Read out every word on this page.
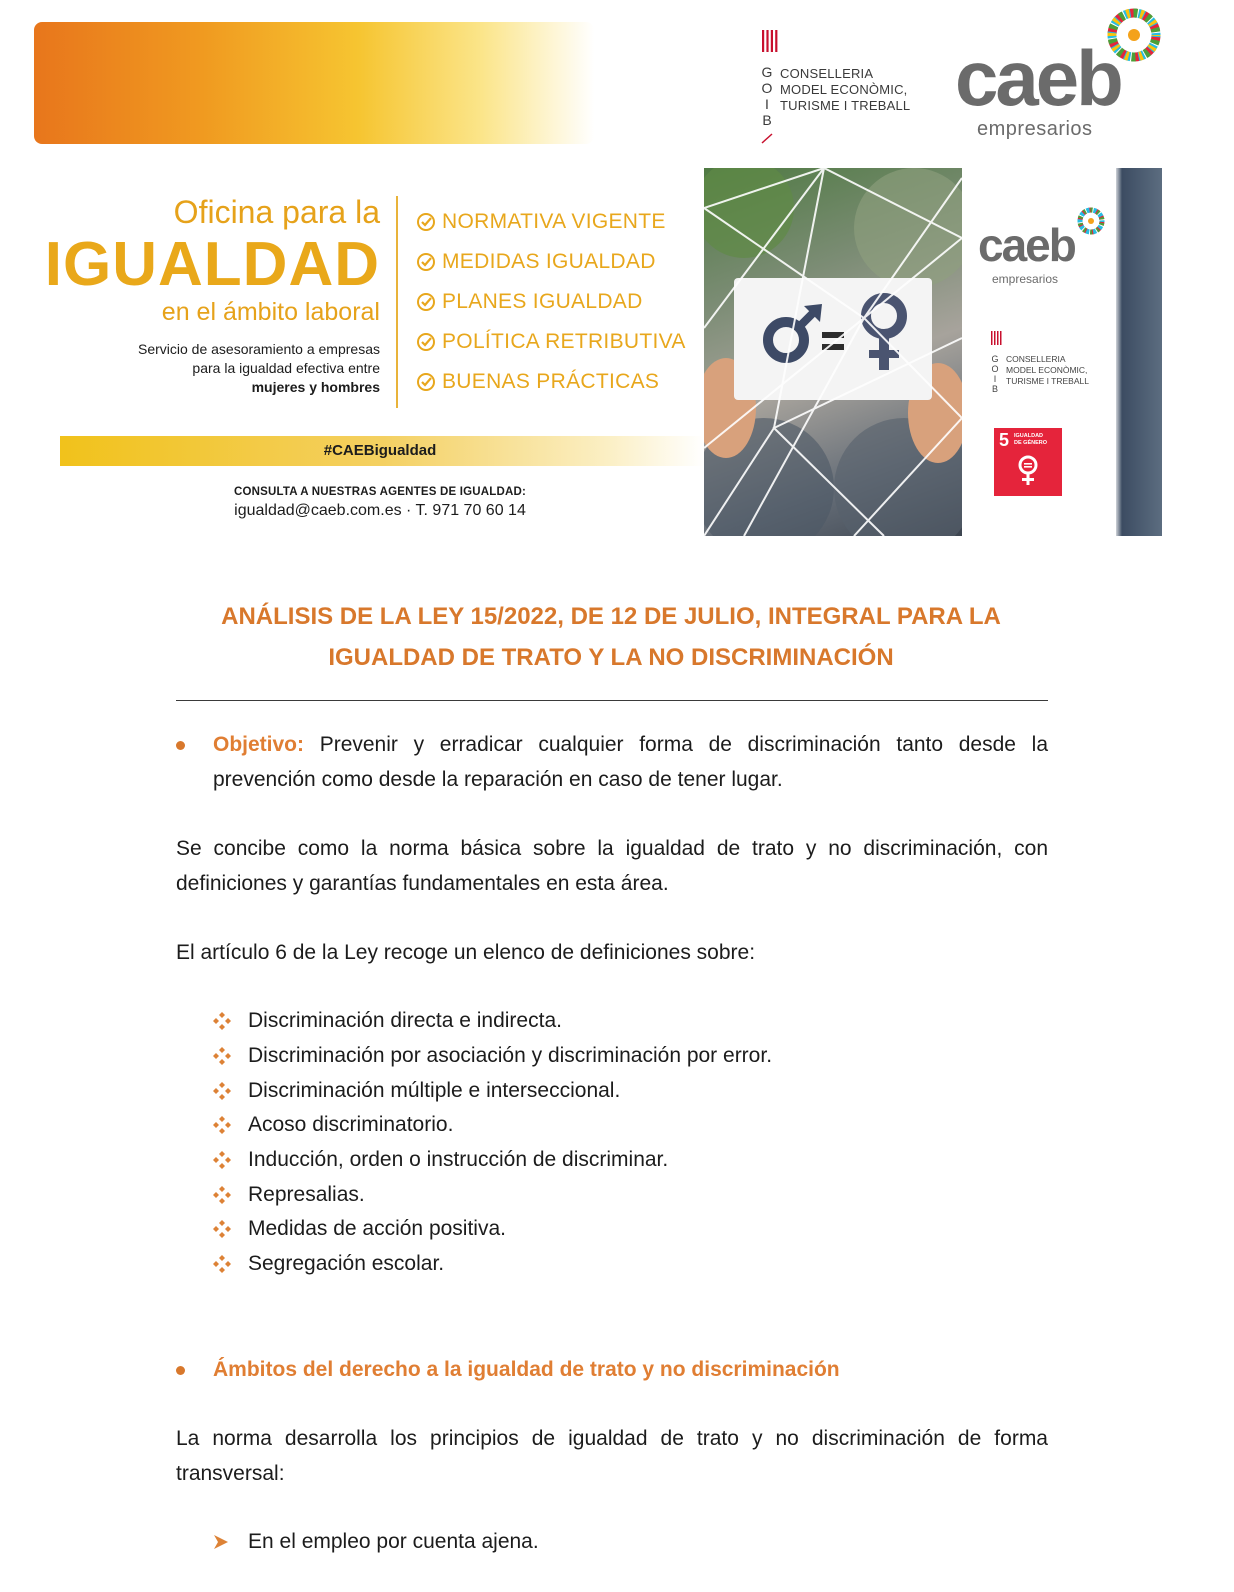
G
O
I
B
CONSELLERIA
MODEL ECONÒMIC,
TURISME I TREBALL caeb
empresarios
Oficina para la
IGUALDAD
en el ámbito laboral
Servicio de asesoramiento a empresas
para la igualdad efectiva entre
mujeres y hombres
NORMATIVA VIGENTE
MEDIDAS IGUALDAD
PLANES IGUALDAD
POLÍTICA RETRIBUTIVA
BUENAS PRÁCTICAS
#CAEBigualdad
CONSULTA A NUESTRAS AGENTES DE IGUALDAD:
igualdad@caeb.com.es · T. 971 70 60 14
caeb
empresarios
G
O
I
B
CONSELLERIA
MODEL ECONÒMIC,
TURISME I TREBALL
5 IGUALDAD
DE GÉNERO
ANÁLISIS DE LA LEY 15/2022, DE 12 DE JULIO, INTEGRAL PARA LA
IGUALDAD DE TRATO Y LA NO DISCRIMINACIÓN

Objetivo: Prevenir y erradicar cualquier forma de discriminación tanto desde la prevención como desde la reparación en caso de tener lugar.

Se concibe como la norma básica sobre la igualdad de trato y no discriminación, con definiciones y garantías fundamentales en esta área.

El artículo 6 de la Ley recoge un elenco de definiciones sobre:

Discriminación directa e indirecta.
Discriminación por asociación y discriminación por error.
Discriminación múltiple e interseccional.
Acoso discriminatorio.
Inducción, orden o instrucción de discriminar.
Represalias.
Medidas de acción positiva.
Segregación escolar.

Ámbitos del derecho a la igualdad de trato y no discriminación

La norma desarrolla los principios de igualdad de trato y no discriminación de forma transversal:

En el empleo por cuenta ajena.
